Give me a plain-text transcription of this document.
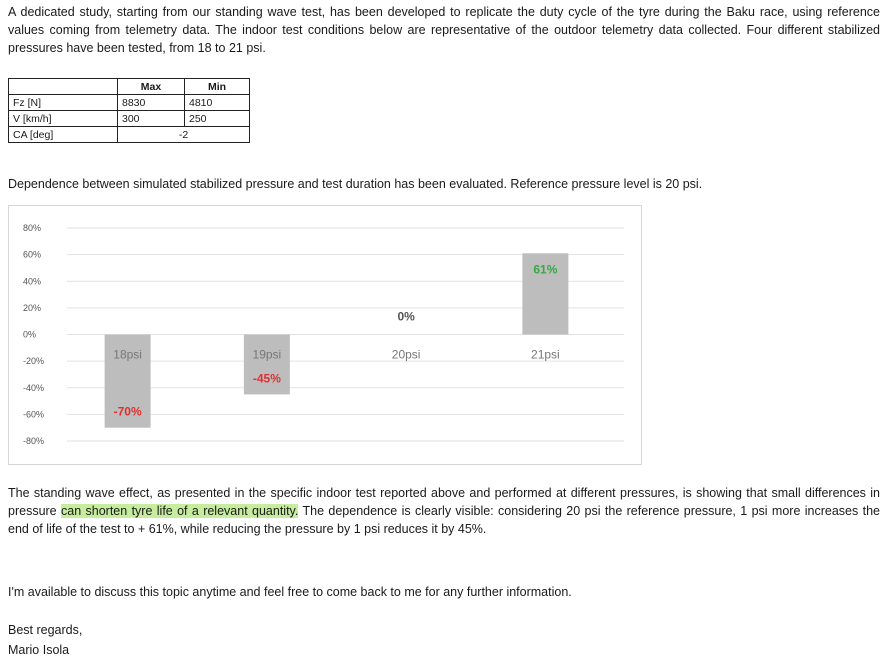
A dedicated study, starting from our standing wave test, has been developed to replicate the duty cycle of the tyre during the Baku race, using reference values coming from telemetry data. The indoor test conditions below are representative of the outdoor telemetry data collected. Four different stabilized pressures have been tested, from 18 to 21 psi.

	Max	Min
Fz [N]	8830	4810
V [km/h]	300	250
CA [deg]	-2	

Dependence between simulated stabilized pressure and test duration has been evaluated. Reference pressure level is 20 psi.

80%
60%
40%
20%
0%
-20%
-40%
-60%
-80%
18psi
-70%
19psi
-45%
20psi
0%
21psi
61%

The standing wave effect, as presented in the specific indoor test reported above and performed at different pressures, is showing that small differences in pressure can shorten tyre life of a relevant quantity. The dependence is clearly visible: considering 20 psi the reference pressure, 1 psi more increases the end of life of the test to + 61%, while reducing the pressure by 1 psi reduces it by 45%.

I'm available to discuss this topic anytime and feel free to come back to me for any further information.

Best regards,

Mario Isola
